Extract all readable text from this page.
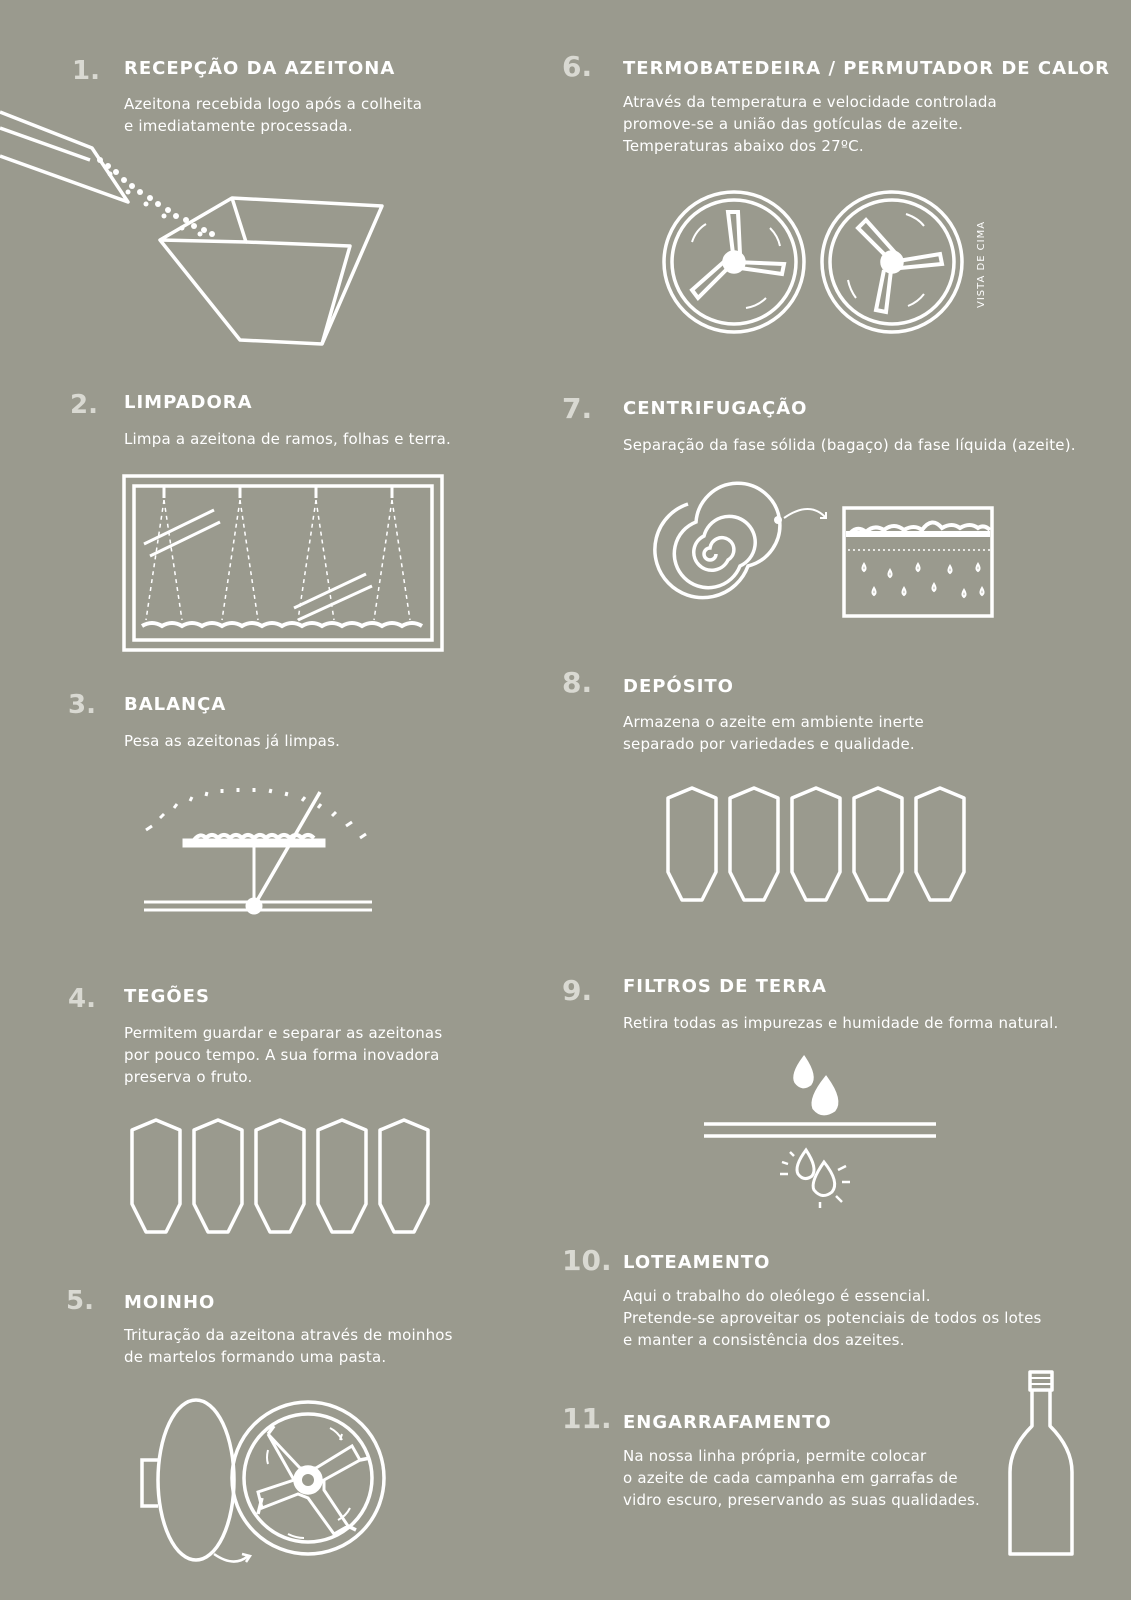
1. RECEPÇÃO DA AZEITONA
Azeitona recebida logo após a colheita
e imediatamente processada.
2. LIMPADORA
Limpa a azeitona de ramos, folhas e terra.
3. BALANÇA
Pesa as azeitonas já limpas.
4. TEGÕES
Permitem guardar e separar as azeitonas
por pouco tempo. A sua forma inovadora
preserva o fruto.
5. MOINHO
Trituração da azeitona através de moinhos
de martelos formando uma pasta.
6. TERMOBATEDEIRA / PERMUTADOR DE CALOR
Através da temperatura e velocidade controlada
promove-se a união das gotículas de azeite.
Temperaturas abaixo dos 27ºC.
VISTA DE CIMA
7. CENTRIFUGAÇÃO
Separação da fase sólida (bagaço) da fase líquida (azeite).
8. DEPÓSITO
Armazena o azeite em ambiente inerte
separado por variedades e qualidade.
9. FILTROS DE TERRA
Retira todas as impurezas e humidade de forma natural.
10. LOTEAMENTO
Aqui o trabalho do oleólego é essencial.
Pretende-se aproveitar os potenciais de todos os lotes
e manter a consistência dos azeites.
11. ENGARRAFAMENTO
Na nossa linha própria, permite colocar
o azeite de cada campanha em garrafas de
vidro escuro, preservando as suas qualidades.
